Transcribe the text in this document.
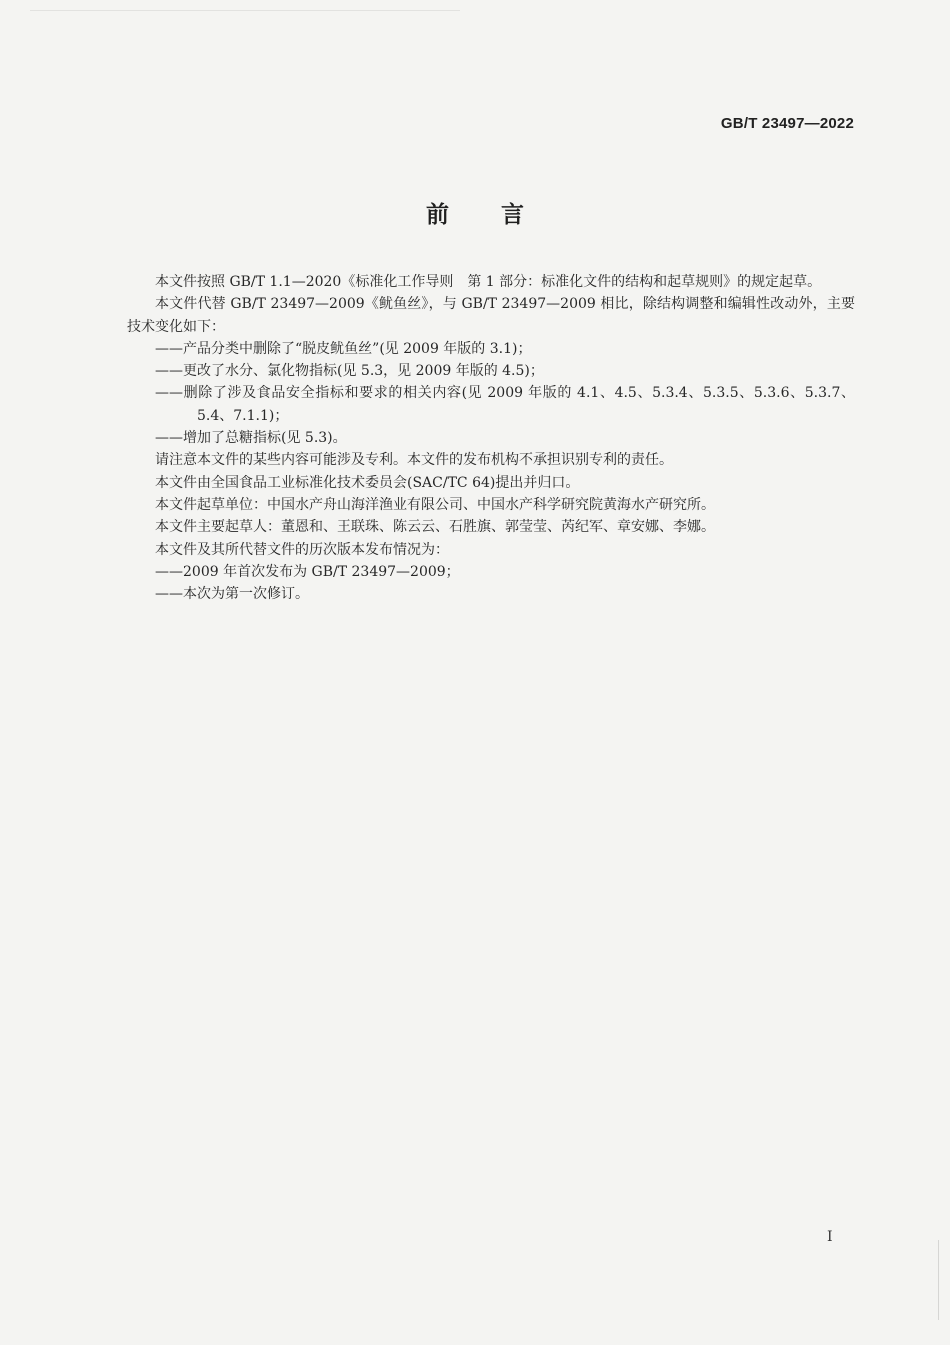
GB/T 23497—2022
前言

本文件按照 GB/T 1.1—2020《标准化工作导则　第 1 部分：标准化文件的结构和起草规则》的规定起草。

本文件代替 GB/T 23497—2009《鱿鱼丝》，与 GB/T 23497—2009 相比，除结构调整和编辑性改动外，主要技术变化如下：

——产品分类中删除了“脱皮鱿鱼丝”(见 2009 年版的 3.1)；

——更改了水分、氯化物指标(见 5.3，见 2009 年版的 4.5)；

——删除了涉及食品安全指标和要求的相关内容(见 2009 年版的 4.1、4.5、5.3.4、5.3.5、5.3.6、5.3.7、5.4、7.1.1)；

——增加了总糖指标(见 5.3)。

请注意本文件的某些内容可能涉及专利。本文件的发布机构不承担识别专利的责任。

本文件由全国食品工业标准化技术委员会(SAC/TC 64)提出并归口。

本文件起草单位：中国水产舟山海洋渔业有限公司、中国水产科学研究院黄海水产研究所。

本文件主要起草人：董恩和、王联珠、陈云云、石胜旗、郭莹莹、芮纪军、章安娜、李娜。

本文件及其所代替文件的历次版本发布情况为：

——2009 年首次发布为 GB/T 23497—2009；

——本次为第一次修订。

I
